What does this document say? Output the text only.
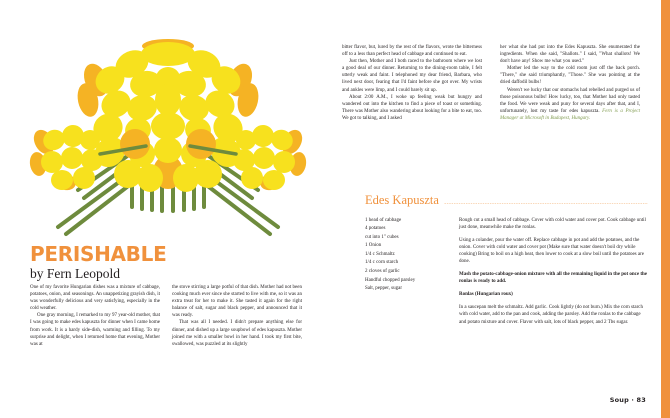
PERISHABLE
by Fern Leopold

One of my favorite Hungarian dishes was a mixture of cabbage, potatoes, onion, and seasonings. An unappetizing grayish dish, it was wonderfully delicious and very satisfying, especially in the cold weather.

One gray morning, I remarked to my 97 year-old mother, that I was going to make edes kapuszta for dinner when I came home from work. It is a hardy side-dish, warming and filling. To my surprise and delight, when I returned home that evening, Mother was at

the stove stirring a large potful of that dish. Mother had not been cooking much ever since she started to live with me, so it was an extra treat for her to make it. She tasted it again for the right balance of salt, sugar and black pepper, and announced that it was ready.

That was all I needed. I didn't prepare anything else for dinner, and dished up a large soupbowl of edes kapuszta. Mother joined me with a smaller bowl in her hand. I took my first bite, swallowed, was puzzled at its slightly

bitter flavor, but, lured by the rest of the flavors, wrote the bitterness off to a less than perfect head of cabbage and continued to eat.

Just then, Mother and I both raced to the bathroom where we lost a good deal of our dinner. Returning to the dining-room table, I felt utterly weak and faint. I telephoned my dear friend, Barbara, who lived next door, fearing that I'd faint before she got over. My wrists and ankles were limp, and I could barely sit up.

About 2:00 A.M., I woke up feeling weak but hungry and wandered out into the kitchen to find a piece of toast or something. There was Mother also wandering about looking for a bite to eat, too. We got to talking, and I asked

her what she had put into the Edes Kapuszta. She enumerated the ingredients. When she said, "Shallots." I said, "What shallots! We don't have any! Show me what you used."

Mother led the way to the cold room just off the back porch. "There," she said triumphantly, "Those." She was pointing at the dried daffodil bulbs!

Weren't we lucky that our stomachs had rebelled and purged us of those poisonous bulbs! How lucky, too, that Mother had only tasted the food. We were weak and puny for several days after that, and I, unfortunately, lost my taste for edes kapuszta. Fern is a Project Manager at Microsoft in Budapest, Hungary.

Edes Kapuszta
1 head of cabbage
4 potatoes
cut into 1" cubes
1 Onion
1/4 c Schmaltz
1/4 c corn starch
2 cloves of garlic
Handful chopped parsley
Salt, pepper, sugar

Rough cut a small head of cabbage. Cover with cold water and cover pot. Cook cabbage until just done, meanwhile make the ronlas.

Using a colander, pour the water off. Replace cabbage in pot and add the potatoes, and the onion. Cover with cold water and cover pot (Make sure that water doesn't boil dry while cooking) Bring to boil on a high heat, then lower to cook at a slow boil until the potatoes are done.

Mash the potato-cabbage-onion mixture with all the remaining liquid in the pot once the ronlas is ready to add.

Ronlas (Hungarian roux)

In a saucepan melt the schmaltz. Add garlic. Cook lightly (do not burn.) Mix the corn starch with cold water, add to the pan and cook, adding the parsley. Add the ronlas to the cabbage and potato mixture and cover. Flavor with salt, lots of black pepper, and 2 Tbs sugar.

Soup · 83
